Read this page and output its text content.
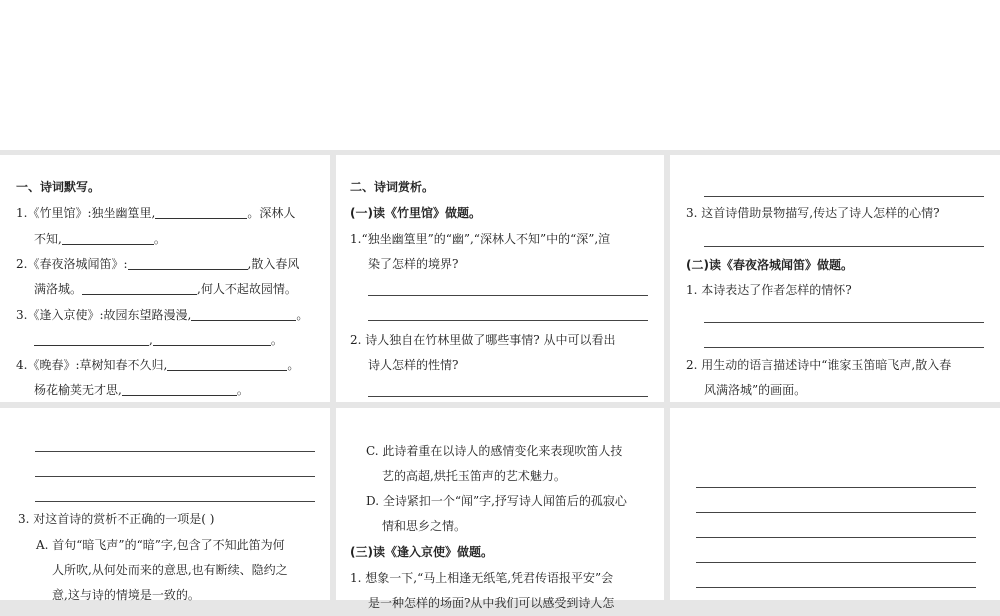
一、诗词默写。
1.《竹里馆》:独坐幽篁里,	。深林人
不知,	。
2.《春夜洛城闻笛》:	,散入春风
满洛城。	,何人不起故园情。
3.《逢入京使》:故园东望路漫漫,	。
,	。
4.《晚春》:草树知春不久归,	。
杨花榆荚无才思,	。
二、诗词赏析。
(一)读《竹里馆》做题。
1.“独坐幽篁里”的“幽”,“深林人不知”中的“深”,渲
染了怎样的境界?
2. 诗人独自在竹林里做了哪些事情? 从中可以看出
诗人怎样的性情?
3. 这首诗借助景物描写,传达了诗人怎样的心情?
(二)读《春夜洛城闻笛》做题。
1. 本诗表达了作者怎样的情怀?
2. 用生动的语言描述诗中“谁家玉笛暗飞声,散入春
风满洛城”的画面。
3. 对这首诗的赏析不正确的一项是( )
A. 首句“暗飞声”的“暗”字,包含了不知此笛为何
人所吹,从何处而来的意思,也有断续、隐约之
意,这与诗的情境是一致的。
C. 此诗着重在以诗人的感情变化来表现吹笛人技
艺的高超,烘托玉笛声的艺术魅力。
D. 全诗紧扣一个“闻”字,抒写诗人闻笛后的孤寂心
情和思乡之情。
(三)读《逢入京使》做题。
1. 想象一下,“马上相逢无纸笔,凭君传语报平安”会
是一种怎样的场面?从中我们可以感受到诗人怎
